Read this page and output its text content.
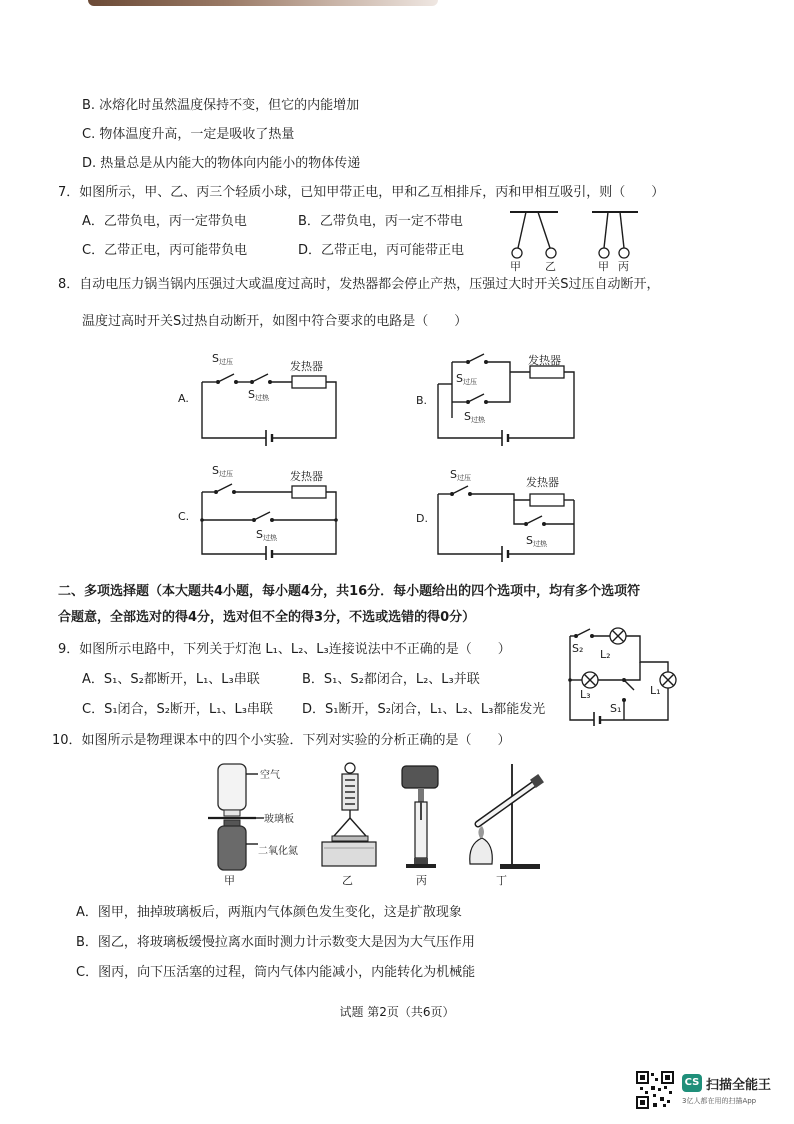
B. 冰熔化时虽然温度保持不变，但它的内能增加
C. 物体温度升高，一定是吸收了热量
D. 热量总是从内能大的物体向内能小的物体传递
7．如图所示，甲、乙、丙三个轻质小球，已知甲带正电，甲和乙互相排斥，丙和甲相互吸引，则（　　）
A．乙带负电，丙一定带负电	B．乙带负电，丙一定不带电
C．乙带正电，丙可能带负电	D．乙带正电，丙可能带正电
甲 乙	甲 丙
8．自动电压力锅当锅内压强过大或温度过高时，发热器都会停止产热，压强过大时开关S过压自动断开，
温度过高时开关S过热自动断开，如图中符合要求的电路是（　　）
A.
S过压
S过热
发热器
B.
S过压
S过热
发热器
C.
S过压
S过热
发热器
D.
S过压
S过热
发热器
二、多项选择题（本大题共4小题，每小题4分，共16分．每小题给出的四个选项中，均有多个选项符
合题意，全部选对的得4分，选对但不全的得3分，不选或选错的得0分）
9．如图所示电路中，下列关于灯泡 L₁、L₂、L₃连接说法中不正确的是（　　）
A．S₁、S₂都断开，L₁、L₃串联	B．S₁、S₂都闭合，L₂、L₃并联
C．S₁闭合，S₂断开，L₁、L₃串联 D．S₁断开，S₂闭合，L₁、L₂、L₃都能发光
S₂ L₂
L₃	L₁
S₁
10．如图所示是物理课本中的四个小实验．下列对实验的分析正确的是（　　）
空气
玻璃板
二氧化氮
甲	乙	丙	丁
A．图甲，抽掉玻璃板后，两瓶内气体颜色发生变化，这是扩散现象
B．图乙，将玻璃板缓慢拉离水面时测力计示数变大是因为大气压作用
C．图丙，向下压活塞的过程，筒内气体内能减小，内能转化为机械能
试题 第2页（共6页）
CS 扫描全能王
3亿人都在用的扫描App
